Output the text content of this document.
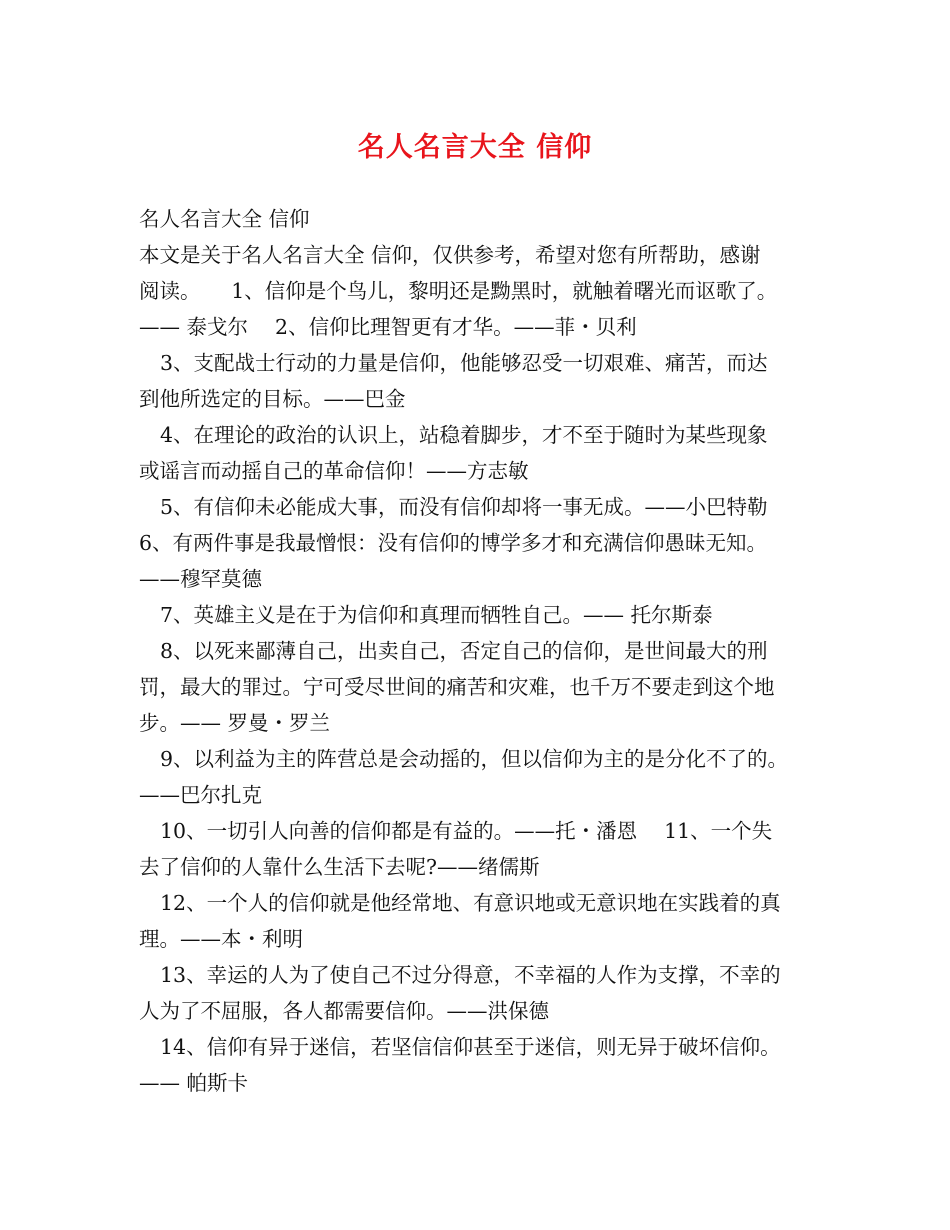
名人名言大全 信仰
名人名言大全 信仰
本文是关于名人名言大全 信仰，仅供参考，希望对您有所帮助，感谢
阅读。　　1、信仰是个鸟儿，黎明还是黝黑时，就触着曙光而讴歌了。
—— 泰戈尔　 2、信仰比理智更有才华。——菲・贝利
3、支配战士行动的力量是信仰，他能够忍受一切艰难、痛苦，而达
到他所选定的目标。——巴金
4、在理论的政治的认识上，站稳着脚步，才不至于随时为某些现象
或谣言而动摇自己的革命信仰！——方志敏
5、有信仰未必能成大事，而没有信仰却将一事无成。——小巴特勒
6、有两件事是我最憎恨：没有信仰的博学多才和充满信仰愚昧无知。
——穆罕莫德
7、英雄主义是在于为信仰和真理而牺牲自己。—— 托尔斯泰
8、以死来鄙薄自己，出卖自己，否定自己的信仰，是世间最大的刑
罚，最大的罪过。宁可受尽世间的痛苦和灾难，也千万不要走到这个地
步。—— 罗曼・罗兰
9、以利益为主的阵营总是会动摇的，但以信仰为主的是分化不了的。
——巴尔扎克
10、一切引人向善的信仰都是有益的。——托・潘恩　 11、一个失
去了信仰的人靠什么生活下去呢?——绪儒斯
12、一个人的信仰就是他经常地、有意识地或无意识地在实践着的真
理。——本・利明
13、幸运的人为了使自己不过分得意，不幸福的人作为支撑，不幸的
人为了不屈服，各人都需要信仰。——洪保德
14、信仰有异于迷信，若坚信信仰甚至于迷信，则无异于破坏信仰。
—— 帕斯卡
